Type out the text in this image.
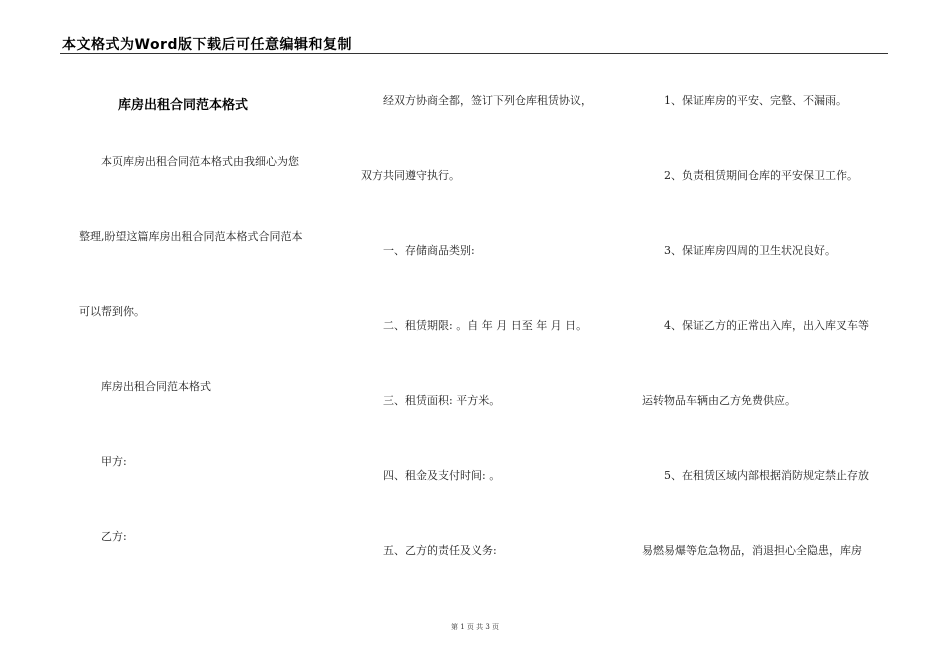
本文格式为Word版下载后可任意编辑和复制
库房出租合同范本格式
本页库房出租合同范本格式由我细心为您
整理,盼望这篇库房出租合同范本格式合同范本
可以帮到你。
库房出租合同范本格式
甲方:
乙方:
经双方协商全都，签订下列仓库租赁协议，
双方共同遵守执行。
一、存储商品类别:
二、租赁期限: 。自 年 月 日至 年 月 日。
三、租赁面积: 平方米。
四、租金及支付时间: 。
五、乙方的责任及义务:
1、保证库房的平安、完整、不漏雨。
2、负责租赁期间仓库的平安保卫工作。
3、保证库房四周的卫生状况良好。
4、保证乙方的正常出入库，出入库叉车等
运转物品车辆由乙方免费供应。
5、在租赁区域内部根据消防规定禁止存放
易燃易爆等危急物品，消退担心全隐患，库房
第 1 页 共 3 页
